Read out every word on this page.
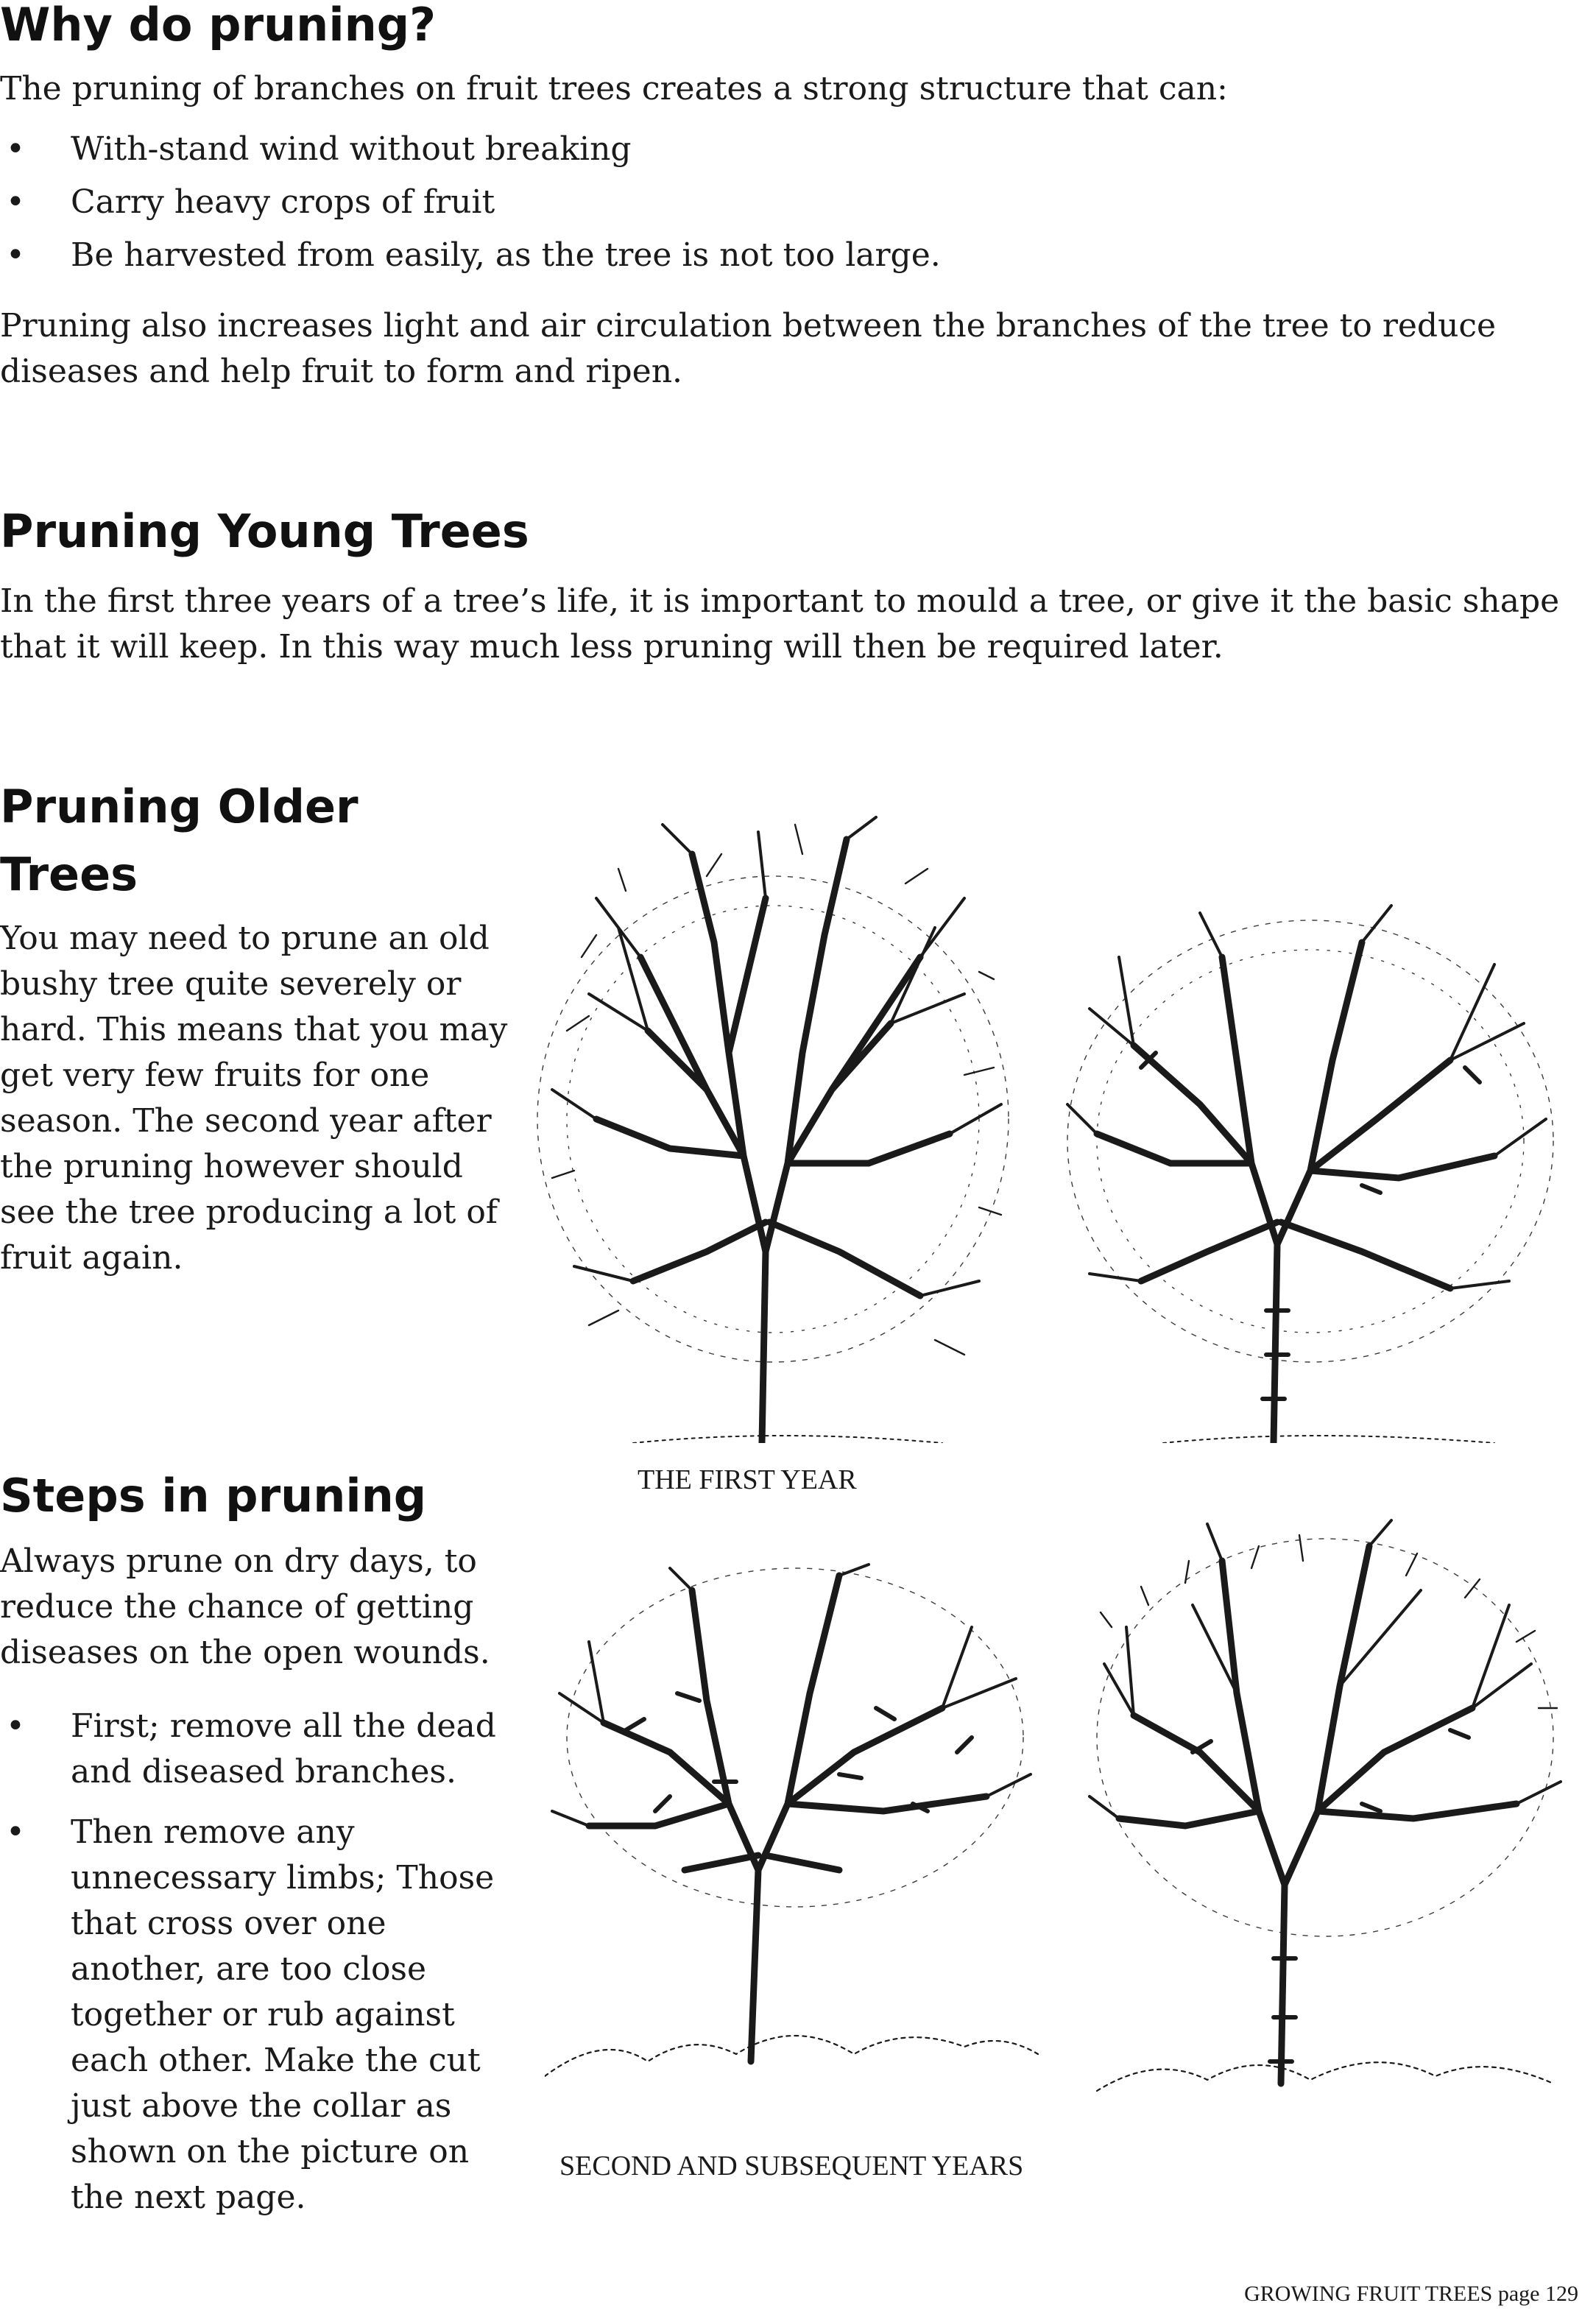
Why do pruning?

The pruning of branches on fruit trees creates a strong structure that can:

• With-stand wind without breaking
• Carry heavy crops of fruit
• Be harvested from easily, as the tree is not too large.

Pruning also increases light and air circulation between the branches of the tree to reduce diseases and help fruit to form and ripen.

Pruning Young Trees

In the first three years of a tree’s life, it is important to mould a tree, or give it the basic shape that it will keep. In this way much less pruning will then be required later.

Pruning Older Trees

You may need to prune an old bushy tree quite severely or hard. This means that you may get very few fruits for one season. The second year after the pruning however should see the tree producing a lot of fruit again.

Steps in pruning

Always prune on dry days, to reduce the chance of getting diseases on the open wounds.

• First; remove all the dead and diseased branches.
• Then remove any unnecessary limbs; Those that cross over one another, are too close together or rub against each other. Make the cut just above the collar as shown on the picture on the next page.

THE FIRST YEAR

SECOND AND SUBSEQUENT YEARS

GROWING FRUIT TREES page 129
